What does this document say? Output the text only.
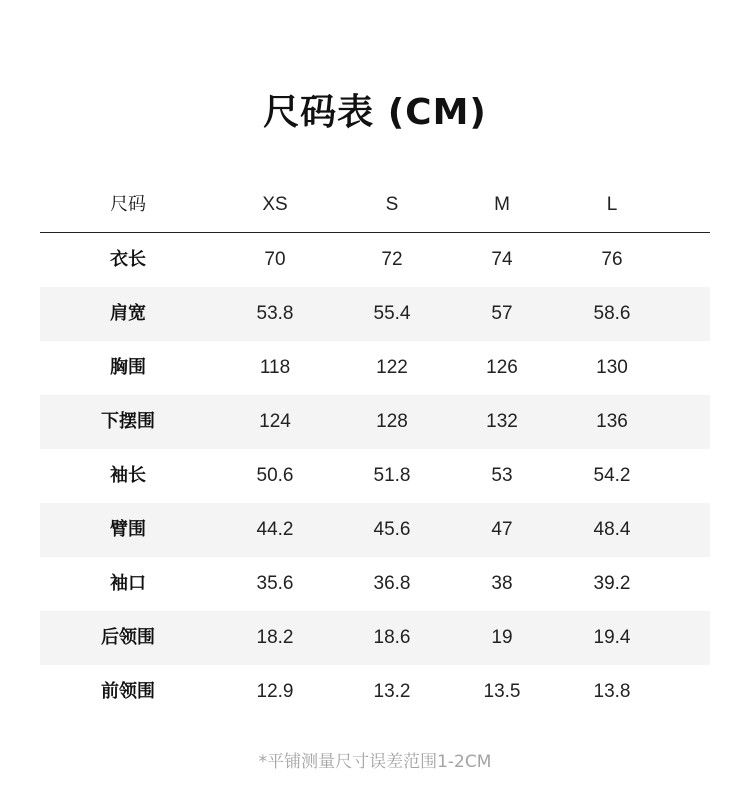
尺码表 (CM)
尺码	XS	S	M	L
衣长	70	72	74	76
肩宽	53.8	55.4	57	58.6
胸围	118	122	126	130
下摆围	124	128	132	136
袖长	50.6	51.8	53	54.2
臂围	44.2	45.6	47	48.4
袖口	35.6	36.8	38	39.2
后领围	18.2	18.6	19	19.4
前领围	12.9	13.2	13.5	13.8
*平铺测量尺寸误差范围1-2CM
